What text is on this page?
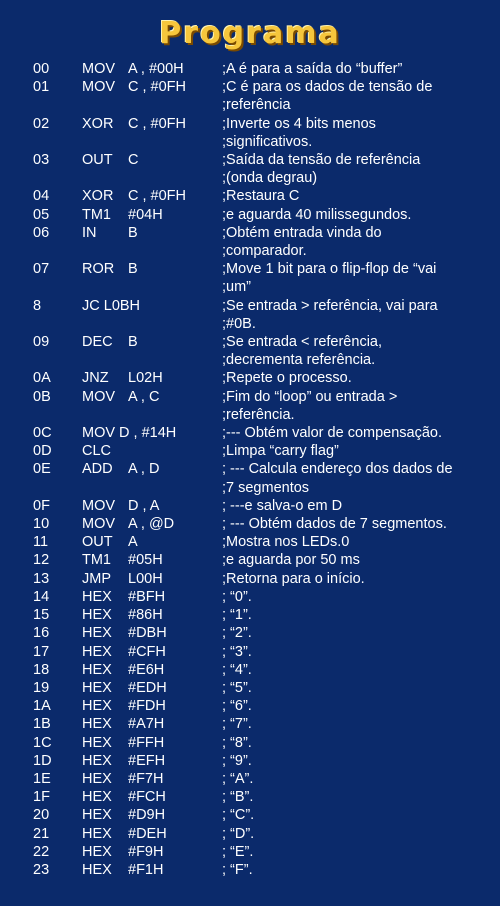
Programa
00 MOV A , #00H	;A é para a saída do “buffer”
01 MOV C , #0FH ;C é para os dados de tensão de
;referência
02 XOR C , #0FH ;Inverte os 4 bits menos
;significativos.
03 OUT C	;Saída da tensão de referência
;(onda degrau)
04 XOR C , #0FH ;Restaura C
05 TM1 #04H	;e aguarda 40 milissegundos.
06 IN B	;Obtém entrada vinda do
;comparador.
07 ROR B	;Move 1 bit para o flip-flop de “vai
;um”
8	JC L0BH	;Se entrada > referência, vai para
;#0B.
09 DEC B	;Se entrada < referência,
;decrementa referência.
0A JNZ L02H	;Repete o processo.
0B MOV A , C	;Fim do “loop” ou entrada >
;referência.
0C MOV D , #14H	;--- Obtém valor de compensação.
0D CLC	;Limpa “carry flag”
0E ADD A , D	; --- Calcula endereço dos dados de
;7 segmentos
0F MOV D , A	; ---e salva-o em D
10 MOV A , @D	; --- Obtém dados de 7 segmentos.
11 OUT A	;Mostra nos LEDs.0
12 TM1 #05H	;e aguarda por 50 ms
13 JMP L00H	;Retorna para o início.
14 HEX #BFH	; “0”.
15 HEX #86H	; “1”.
16 HEX #DBH	; “2”.
17 HEX #CFH	; “3”.
18 HEX #E6H	; “4”.
19 HEX #EDH	; “5”.
1A HEX #FDH	; “6”.
1B HEX #A7H	; “7”.
1C HEX #FFH	; “8”.
1D HEX #EFH	; “9”.
1E HEX #F7H	; “A”.
1F HEX #FCH	; “B”.
20 HEX #D9H	; “C”.
21 HEX #DEH	; “D”.
22 HEX #F9H	; “E”.
23 HEX #F1H	; “F”.
